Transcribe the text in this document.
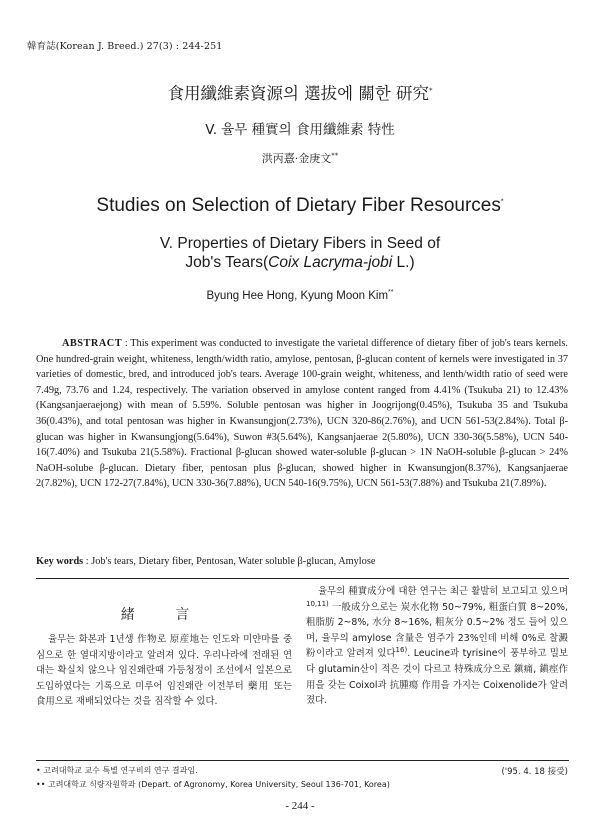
韓育誌(Korean J. Breed.) 27(3) : 244-251
食用纖維素資源의 選拔에 關한 研究*
V. 율무 種實의 食用纖維素 特性
洪丙憙·金庚文**
Studies on Selection of Dietary Fiber Resources*
V. Properties of Dietary Fibers in Seed of
Job's Tears(Coix Lacryma-jobi L.)
Byung Hee Hong, Kyung Moon Kim**
ABSTRACT : This experiment was conducted to investigate the varietal difference of dietary fiber of job's tears kernels. One hundred-grain weight, whiteness, length/width ratio, amylose, pentosan, β-glucan content of kernels were investigated in 37 varieties of domestic, bred, and introduced job's tears. Average 100-grain weight, whiteness, and lenth/width ratio of seed were 7.49g, 73.76 and 1.24, respectively. The variation observed in amylose content ranged from 4.41% (Tsukuba 21) to 12.43% (Kangsanjaeraejong) with mean of 5.59%. Soluble pentosan was higher in Joogrijong(0.45%), Tsukuba 35 and Tsukuba 36(0.43%), and total pentosan was higher in Kwansungjon(2.73%), UCN 320-86(2.76%), and UCN 561-53(2.84%). Total β-glucan was higher in Kwansungjong(5.64%), Suwon #3(5.64%), Kangsanjaerae 2(5.80%), UCN 330-36(5.58%), UCN 540-16(7.40%) and Tsukuba 21(5.58%). Fractional β-glucan showed water-soluble β-glucan > 1N NaOH-soluble β-glucan > 24% NaOH-solube β-glucan. Dietary fiber, pentosan plus β-glucan, showed higher in Kwansungjon(8.37%), Kangsanjaerae 2(7.82%), UCN 172-27(7.84%), UCN 330-36(7.88%), UCN 540-16(9.75%), UCN 561-53(7.88%) and Tsukuba 21(7.89%).
Key words : Job's tears, Dietary fiber, Pentosan, Water soluble β-glucan, Amylose
緒 言

율무는 화본과 1년생 作物로 原産地는 인도와 미얀마를 중심으로 한 열대지방이라고 알려져 있다. 우리나라에 전래된 연대는 확실치 않으나 임진왜란때 가등청정이 조선에서 일본으로 도입하였다는 기록으로 미루어 임진왜란 이전부터 藥用 또는 食用으로 재배되었다는 것을 짐작할 수 있다.

율무의 種實成分에 대한 연구는 최근 활발히 보고되고 있으며$^{10,11)}$ 一般成分으로는 炭水化物 50~79%, 粗蛋白質 8~20%, 粗脂肪 2~8%, 水分 8~16%, 粗灰分 0.5~2% 정도 들어 있으며, 율무의 amylose 含量은 염주가 23%인데 비해 0%로 찰澱粉이라고 알려져 있다$^{16)}$. Leucine과 tyrisine이 풍부하고 밀보다 glutamin산이 적은 것이 다르고 特殊成分으로 鎭痛, 鎭痙作用을 갖는 Coixol과 抗腫瘍 作用을 가지는 Coixenolide가 알려졌다.

• 고려대학교 교수 특별 연구비의 연구 결과임.	('95. 4. 18 接受)
•• 고려대학교 식량자원학과 (Depart. of Agronomy, Korea University, Seoul 136-701, Korea)
- 244 -
